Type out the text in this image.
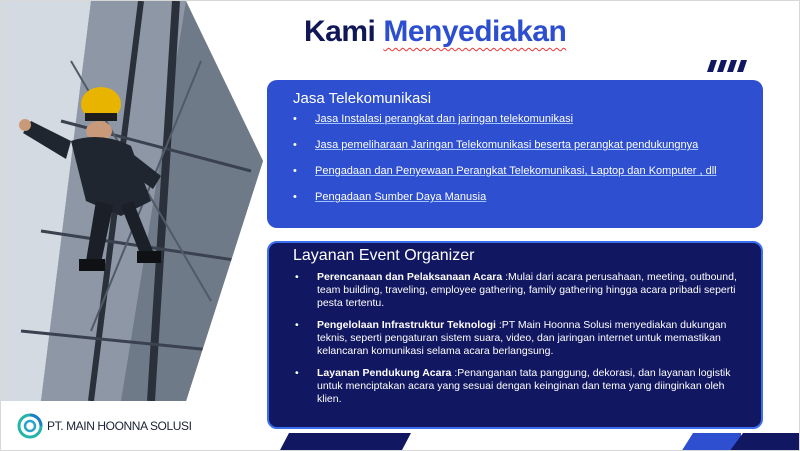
Kami Menyediakan
Jasa Telekomunikasi
• Jasa Instalasi perangkat dan jaringan telekomunikasi
• Jasa pemeliharaan Jaringan Telekomunikasi beserta perangkat pendukungnya
• Pengadaan dan Penyewaan Perangkat Telekomunikasi, Laptop dan Komputer , dll
• Pengadaan Sumber Daya Manusia
Layanan Event Organizer
• Perencanaan dan Pelaksanaan Acara :Mulai dari acara perusahaan, meeting, outbound, team building, traveling, employee gathering, family gathering hingga acara pribadi seperti pesta tertentu.
• Pengelolaan Infrastruktur Teknologi :PT Main Hoonna Solusi menyediakan dukungan teknis, seperti pengaturan sistem suara, video, dan jaringan internet untuk memastikan kelancaran komunikasi selama acara berlangsung.
• Layanan Pendukung Acara :Penanganan tata panggung, dekorasi, dan layanan logistik untuk menciptakan acara yang sesuai dengan keinginan dan tema yang diinginkan oleh klien.
PT. MAIN HOONNA SOLUSI
